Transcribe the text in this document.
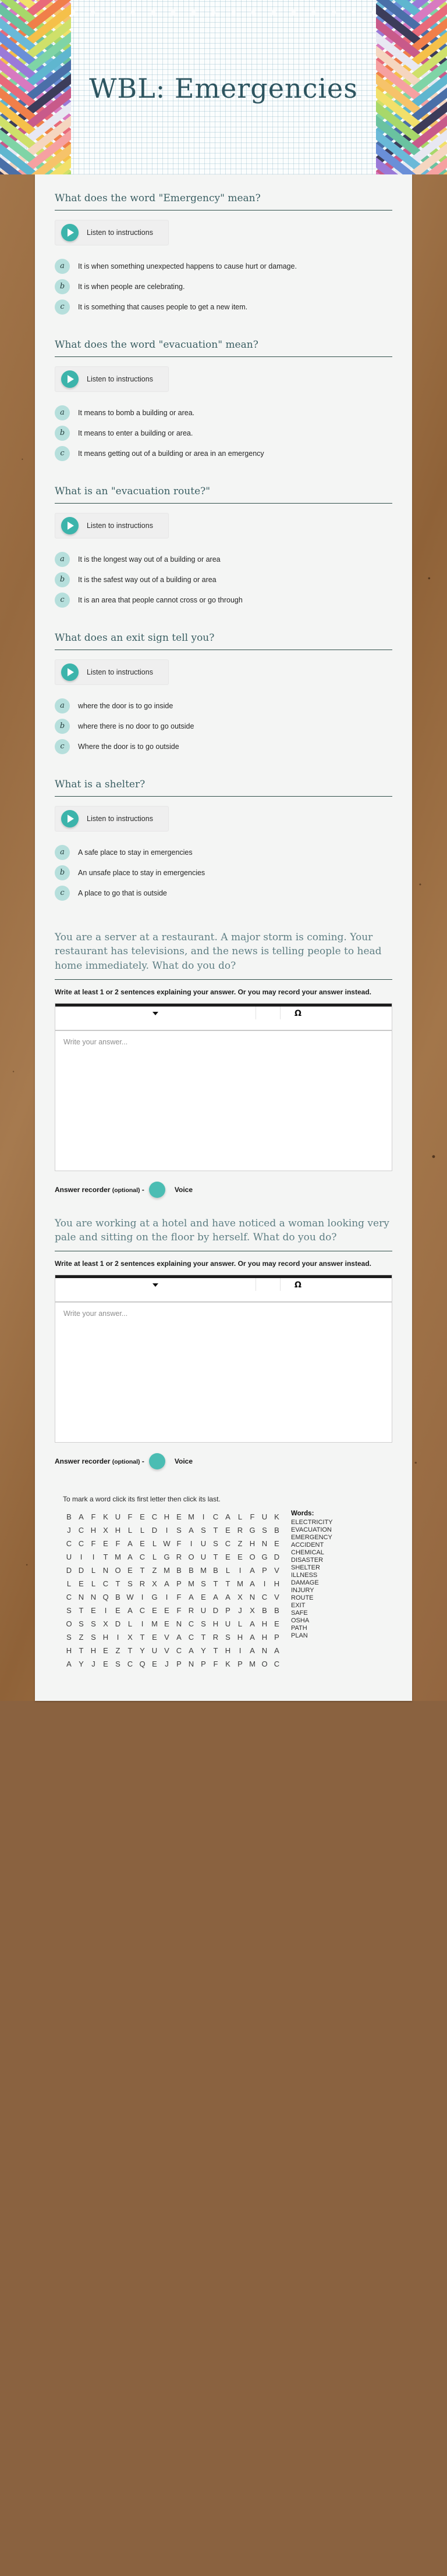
WBL: Emergencies
What does the word "Emergency" mean?
Listen to instructions
a	It is when something unexpected happens to cause hurt or damage.
b	It is when people are celebrating.
c	It is something that causes people to get a new item.
What does the word "evacuation" mean?
Listen to instructions
a	It means to bomb a building or area.
b	It means to enter a building or area.
c	It means getting out of a building or area in an emergency
What is an "evacuation route?"
Listen to instructions
a	It is the longest way out of a building or area
b	It is the safest way out of a building or area
c	It is an area that people cannot cross or go through
What does an exit sign tell you?
Listen to instructions
a	where the door is to go inside
b	where there is no door to go outside
c	Where the door is to go outside
What is a shelter?
Listen to instructions
a	A safe place to stay in emergencies
b	An unsafe place to stay in emergencies
c	A place to go that is outside

You are a server at a restaurant. A major storm is coming. Your restaurant has televisions, and the news is telling people to head home immediately. What do you do?

Write at least 1 or 2 sentences explaining your answer. Or you may record your answer instead.
Ω
Write your answer...
Answer recorder (optional) -	Voice

You are working at a hotel and have noticed a woman looking very pale and sitting on the floor by herself. What do you do?

Write at least 1 or 2 sentences explaining your answer. Or you may record your answer instead.
Ω
Write your answer...
Answer recorder (optional) -	Voice
To mark a word click its first letter then click its last.
B A F K U F E C H E M	I	C A	L	F U K
J	C H X H L	L D	I	S A S T E R G S B
C C F E F A E	L W F	I	U S C Z H N E
U	I	I	T M A C L G R O U T E E O G D
D D L N O E T	Z M B B M B	L	I	A P V
L	E	L C T S R X A P M S T	T M A	I	H
C N N Q B W	I	G	I	F A E A A X N C V
S T E	I	E A C E E F R U D P	J	X B B
O S S X D L	I	M E N C S H U L	A H E
S Z S H	I	X T E V A C T R S H A H P
H T H E Z	T Y U V C A Y T H	I	A N A
A Y	J	E S C Q E	J	P N P F K P M O C
Words:
ELECTRICITY
EVACUATION
EMERGENCY
ACCIDENT
CHEMICAL
DISASTER
SHELTER
ILLNESS
DAMAGE
INJURY
ROUTE
EXIT
SAFE
OSHA
PATH
PLAN
